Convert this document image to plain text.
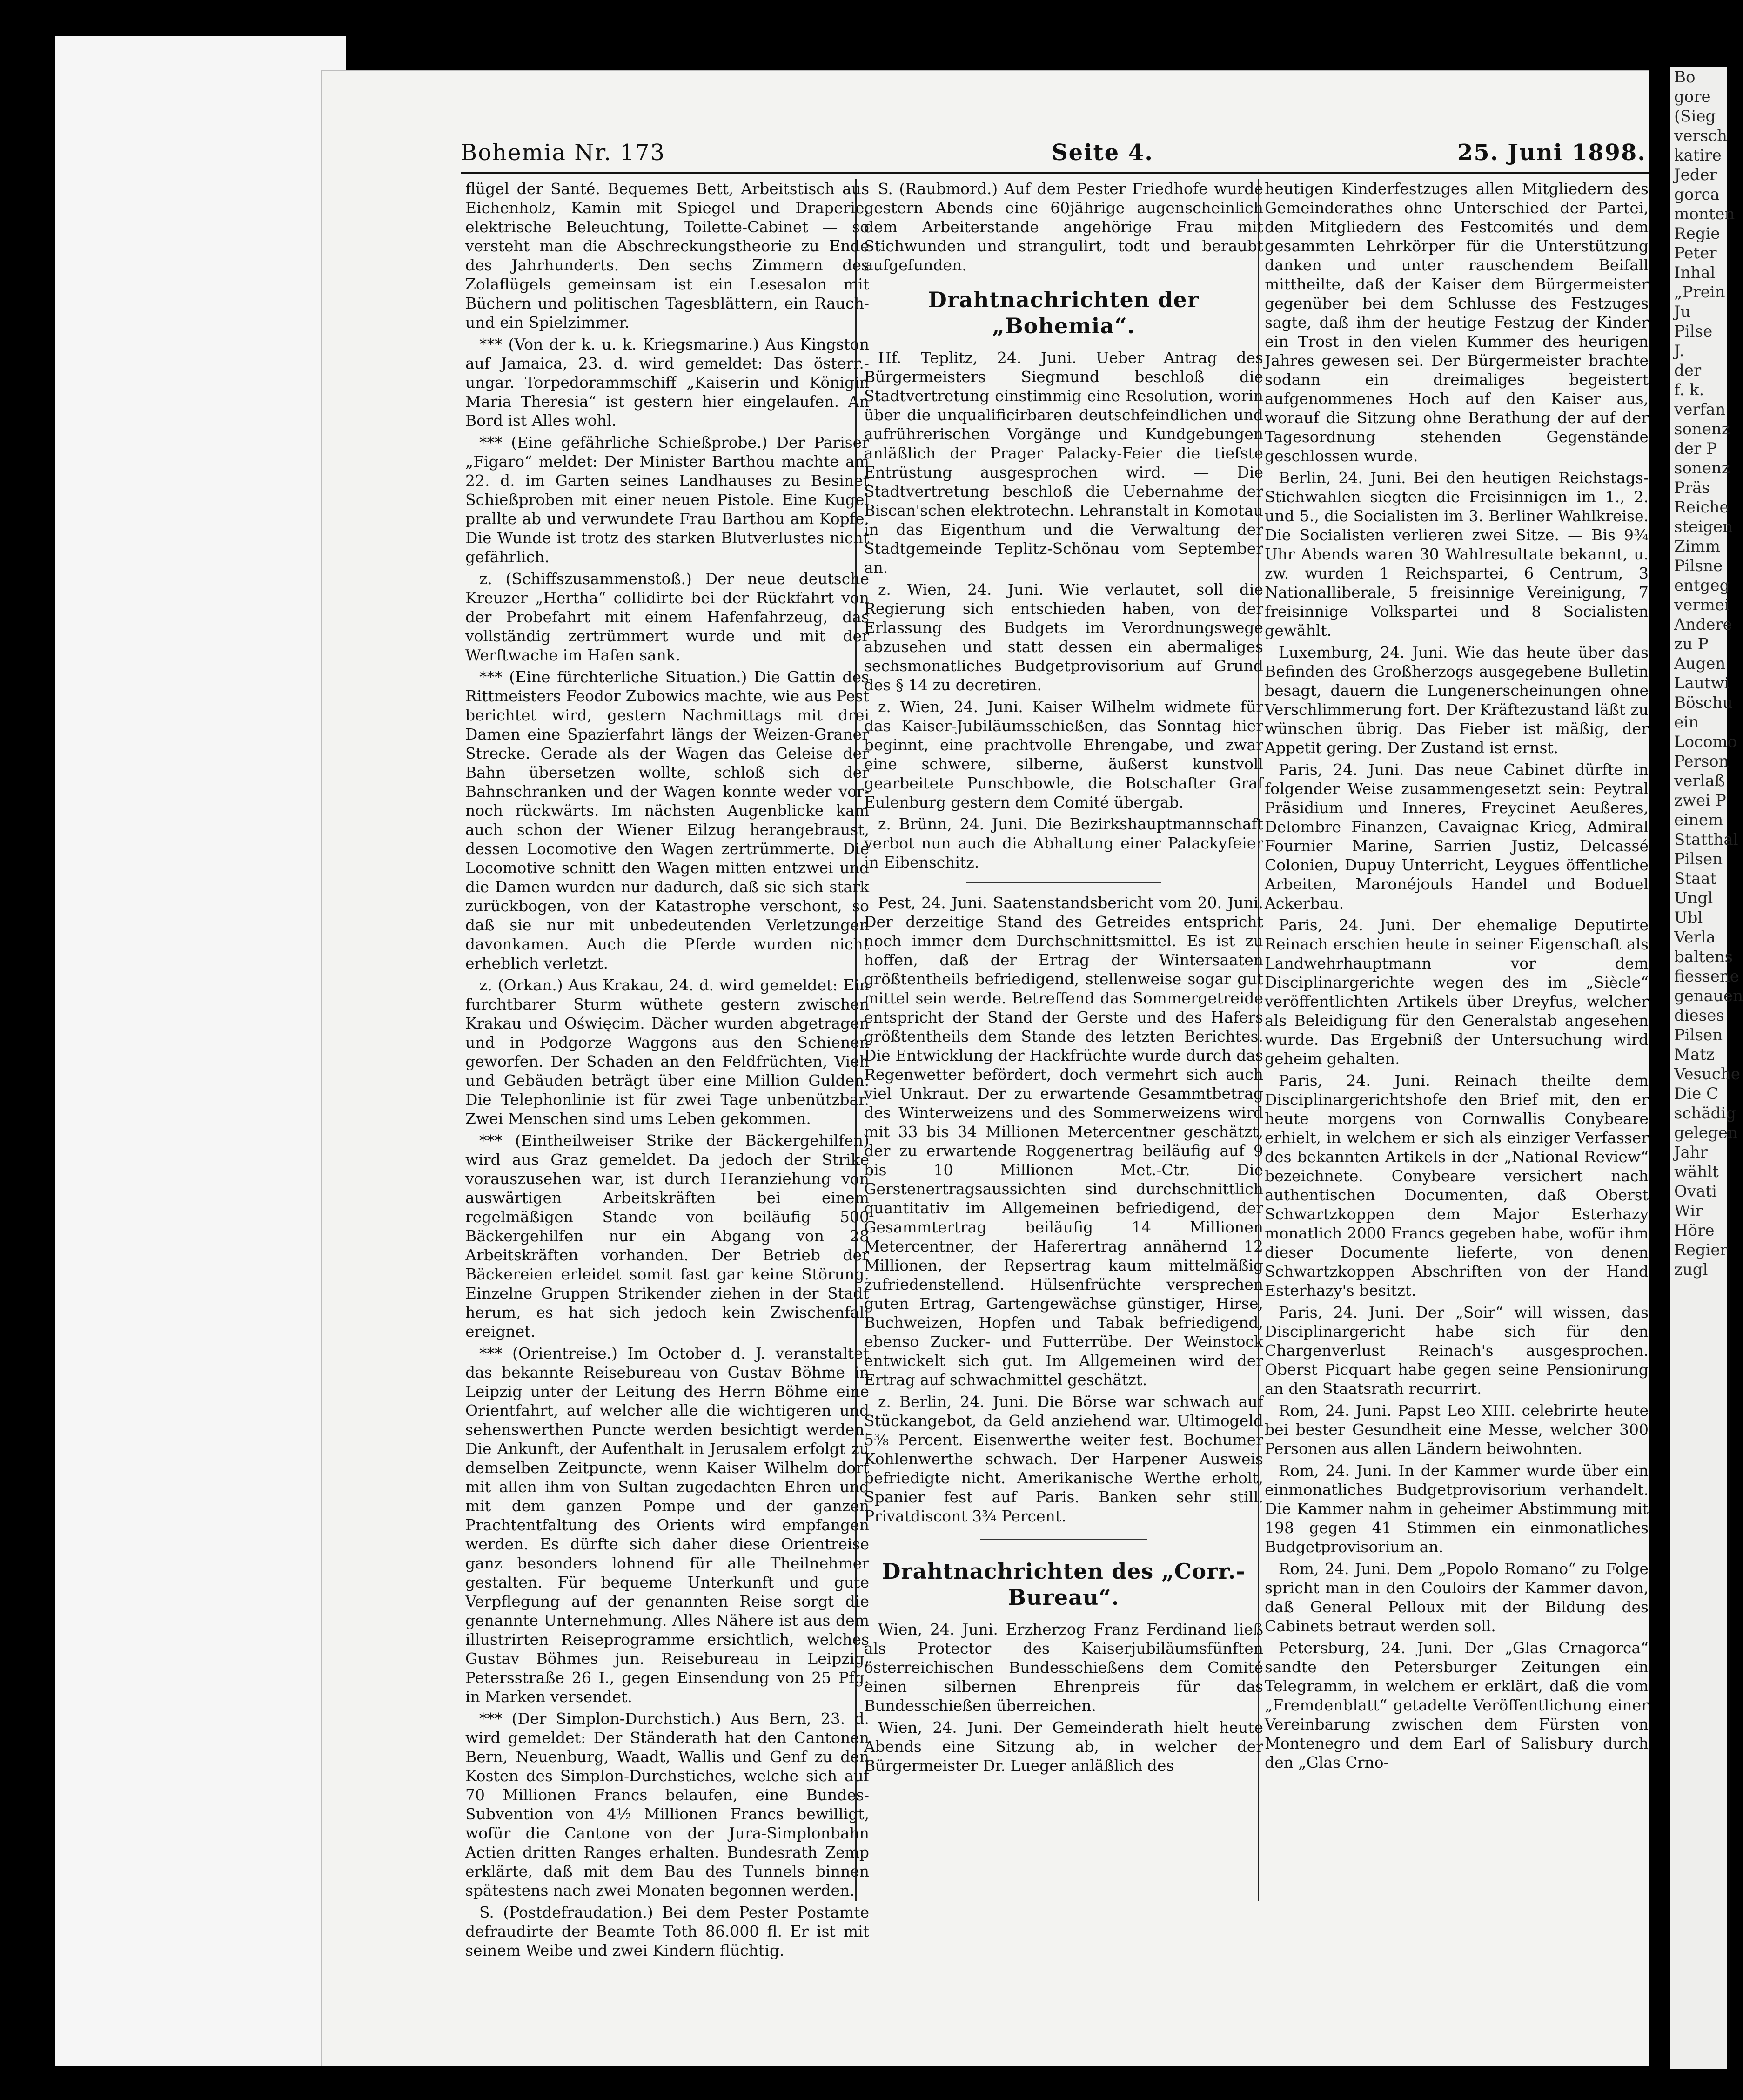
Bo
gore
(Sieg
versch
katire
Jeder
gorca
monten
Regie
Peter
Inhal
„Prein
Ju
Pilse
J.
der
f. k.
verfan
sonenz
der P
sonenz
Präs
Reiche
steigen
Zimm
Pilsne
entgeg
vermei
Andere
zu P
Augen
Lautwi
Böschu
ein
Locomo
Person
verlaß
zwei P
einem
Statthal
Pilsen
Staat
Ungl
Ubl
Verla
baltens
fiessene
genauen
dieses
Pilsen
Matz
Vesuche
Die C
schädig
gelegen
Jahr
wählt
Ovati
Wir
Höre
Regier
zugl
Bohemia Nr. 173	Seite 4.	25. Juni 1898.

flügel der Santé. Bequemes Bett, Arbeitstisch aus Eichenholz, Kamin mit Spiegel und Draperie, elektrische Beleuchtung, Toilette-Cabinet — so versteht man die Abschreckungstheorie zu Ende des Jahrhunderts. Den sechs Zimmern des Zolaflügels gemeinsam ist ein Lesesalon mit Büchern und politischen Tagesblättern, ein Rauch- und ein Spielzimmer.

*** (Von der k. u. k. Kriegsmarine.) Aus Kingston auf Jamaica, 23. d. wird gemeldet: Das österr.-ungar. Torpedorammschiff „Kaiserin und Königin Maria Theresia“ ist gestern hier eingelaufen. An Bord ist Alles wohl.

*** (Eine gefährliche Schießprobe.) Der Pariser „Figaro“ meldet: Der Minister Barthou machte am 22. d. im Garten seines Landhauses zu Besinet Schießproben mit einer neuen Pistole. Eine Kugel prallte ab und verwundete Frau Barthou am Kopfe. Die Wunde ist trotz des starken Blutverlustes nicht gefährlich.

z. (Schiffszusammenstoß.) Der neue deutsche Kreuzer „Hertha“ collidirte bei der Rückfahrt von der Probefahrt mit einem Hafenfahrzeug, das vollständig zertrümmert wurde und mit der Werftwache im Hafen sank.

*** (Eine fürchterliche Situation.) Die Gattin des Rittmeisters Feodor Zubowics machte, wie aus Pest berichtet wird, gestern Nachmittags mit drei Damen eine Spazierfahrt längs der Weizen-Graner Strecke. Gerade als der Wagen das Geleise der Bahn übersetzen wollte, schloß sich der Bahnschranken und der Wagen konnte weder vor- noch rückwärts. Im nächsten Augenblicke kam auch schon der Wiener Eilzug herangebraust, dessen Locomotive den Wagen zertrümmerte. Die Locomotive schnitt den Wagen mitten entzwei und die Damen wurden nur dadurch, daß sie sich stark zurückbogen, von der Katastrophe verschont, so daß sie nur mit unbedeutenden Verletzungen davonkamen. Auch die Pferde wurden nicht erheblich verletzt.

z. (Orkan.) Aus Krakau, 24. d. wird gemeldet: Ein furchtbarer Sturm wüthete gestern zwischen Krakau und Oświęcim. Dächer wurden abgetragen und in Podgorze Waggons aus den Schienen geworfen. Der Schaden an den Feldfrüchten, Vieh und Gebäuden beträgt über eine Million Gulden. Die Telephonlinie ist für zwei Tage unbenützbar. Zwei Menschen sind ums Leben gekommen.

*** (Eintheilweiser Strike der Bäckergehilfen) wird aus Graz gemeldet. Da jedoch der Strike vorauszusehen war, ist durch Heranziehung von auswärtigen Arbeitskräften bei einem regelmäßigen Stande von beiläufig 500 Bäckergehilfen nur ein Abgang von 28 Arbeitskräften vorhanden. Der Betrieb der Bäckereien erleidet somit fast gar keine Störung. Einzelne Gruppen Strikender ziehen in der Stadt herum, es hat sich jedoch kein Zwischenfall ereignet.

*** (Orientreise.) Im October d. J. veranstaltet das bekannte Reisebureau von Gustav Böhme in Leipzig unter der Leitung des Herrn Böhme eine Orientfahrt, auf welcher alle die wichtigeren und sehenswerthen Puncte werden besichtigt werden. Die Ankunft, der Aufenthalt in Jerusalem erfolgt zu demselben Zeitpuncte, wenn Kaiser Wilhelm dort mit allen ihm von Sultan zugedachten Ehren und mit dem ganzen Pompe und der ganzen Prachtentfaltung des Orients wird empfangen werden. Es dürfte sich daher diese Orientreise ganz besonders lohnend für alle Theilnehmer gestalten. Für bequeme Unterkunft und gute Verpflegung auf der genannten Reise sorgt die genannte Unternehmung. Alles Nähere ist aus dem illustrirten Reiseprogramme ersichtlich, welches Gustav Böhmes jun. Reisebureau in Leipzig, Petersstraße 26 I., gegen Einsendung von 25 Pfg. in Marken versendet.

*** (Der Simplon-Durchstich.) Aus Bern, 23. d. wird gemeldet: Der Ständerath hat den Cantonen Bern, Neuenburg, Waadt, Wallis und Genf zu den Kosten des Simplon-Durchstiches, welche sich auf 70 Millionen Francs belaufen, eine Bundes-Subvention von 4½ Millionen Francs bewilligt, wofür die Cantone von der Jura-Simplonbahn Actien dritten Ranges erhalten. Bundesrath Zemp erklärte, daß mit dem Bau des Tunnels binnen spätestens nach zwei Monaten begonnen werden.

S. (Postdefraudation.) Bei dem Pester Postamte defraudirte der Beamte Toth 86.000 fl. Er ist mit seinem Weibe und zwei Kindern flüchtig.

S. (Raubmord.) Auf dem Pester Friedhofe wurde gestern Abends eine 60jährige augenscheinlich dem Arbeiterstande angehörige Frau mit Stichwunden und strangulirt, todt und beraubt aufgefunden.

Drahtnachrichten der „Bohemia“.

Hf. Teplitz, 24. Juni. Ueber Antrag des Bürgermeisters Siegmund beschloß die Stadtvertretung einstimmig eine Resolution, worin über die unqualificirbaren deutschfeindlichen und aufrührerischen Vorgänge und Kundgebungen anläßlich der Prager Palacky-Feier die tiefste Entrüstung ausgesprochen wird. — Die Stadtvertretung beschloß die Uebernahme der Biscan'schen elektrotechn. Lehranstalt in Komotau in das Eigenthum und die Verwaltung der Stadtgemeinde Teplitz-Schönau vom September an.

z. Wien, 24. Juni. Wie verlautet, soll die Regierung sich entschieden haben, von der Erlassung des Budgets im Verordnungswege abzusehen und statt dessen ein abermaliges sechsmonatliches Budgetprovisorium auf Grund des § 14 zu decretiren.

z. Wien, 24. Juni. Kaiser Wilhelm widmete für das Kaiser-Jubiläumsschießen, das Sonntag hier beginnt, eine prachtvolle Ehrengabe, und zwar eine schwere, silberne, äußerst kunstvoll gearbeitete Punschbowle, die Botschafter Graf Eulenburg gestern dem Comité übergab.

z. Brünn, 24. Juni. Die Bezirkshauptmannschaft verbot nun auch die Abhaltung einer Palackyfeier in Eibenschitz.

Pest, 24. Juni. Saatenstandsbericht vom 20. Juni. Der derzeitige Stand des Getreides entspricht noch immer dem Durchschnittsmittel. Es ist zu hoffen, daß der Ertrag der Wintersaaten größtentheils befriedigend, stellenweise sogar gut mittel sein werde. Betreffend das Sommergetreide entspricht der Stand der Gerste und des Hafers größtentheils dem Stande des letzten Berichtes. Die Entwicklung der Hackfrüchte wurde durch das Regenwetter befördert, doch vermehrt sich auch viel Unkraut. Der zu erwartende Gesammtbetrag des Winterweizens und des Sommerweizens wird mit 33 bis 34 Millionen Metercentner geschätzt, der zu erwartende Roggenertrag beiläufig auf 9 bis 10 Millionen Met.-Ctr. Die Gerstenertragsaussichten sind durchschnittlich quantitativ im Allgemeinen befriedigend, der Gesammtertrag beiläufig 14 Millionen Metercentner, der Haferertrag annähernd 12 Millionen, der Repsertrag kaum mittelmäßig zufriedenstellend. Hülsenfrüchte versprechen guten Ertrag, Gartengewächse günstiger, Hirse, Buchweizen, Hopfen und Tabak befriedigend, ebenso Zucker- und Futterrübe. Der Weinstock entwickelt sich gut. Im Allgemeinen wird der Ertrag auf schwachmittel geschätzt.

z. Berlin, 24. Juni. Die Börse war schwach auf Stückangebot, da Geld anziehend war. Ultimogeld 5⅜ Percent. Eisenwerthe weiter fest. Bochumer Kohlenwerthe schwach. Der Harpener Ausweis befriedigte nicht. Amerikanische Werthe erholt, Spanier fest auf Paris. Banken sehr still. Privatdiscont 3¾ Percent.

Drahtnachrichten des „Corr.-Bureau“.

Wien, 24. Juni. Erzherzog Franz Ferdinand ließ als Protector des Kaiserjubiläumsfünften österreichischen Bundesschießens dem Comité einen silbernen Ehrenpreis für das Bundesschießen überreichen.

Wien, 24. Juni. Der Gemeinderath hielt heute Abends eine Sitzung ab, in welcher der Bürgermeister Dr. Lueger anläßlich des

heutigen Kinderfestzuges allen Mitgliedern des Gemeinderathes ohne Unterschied der Partei, den Mitgliedern des Festcomités und dem gesammten Lehrkörper für die Unterstützung danken und unter rauschendem Beifall mittheilte, daß der Kaiser dem Bürgermeister gegenüber bei dem Schlusse des Festzuges sagte, daß ihm der heutige Festzug der Kinder ein Trost in den vielen Kummer des heurigen Jahres gewesen sei. Der Bürgermeister brachte sodann ein dreimaliges begeistert aufgenommenes Hoch auf den Kaiser aus, worauf die Sitzung ohne Berathung der auf der Tagesordnung stehenden Gegenstände geschlossen wurde.

Berlin, 24. Juni. Bei den heutigen Reichstags-Stichwahlen siegten die Freisinnigen im 1., 2. und 5., die Socialisten im 3. Berliner Wahlkreise. Die Socialisten verlieren zwei Sitze. — Bis 9¾ Uhr Abends waren 30 Wahlresultate bekannt, u. zw. wurden 1 Reichspartei, 6 Centrum, 3 Nationalliberale, 5 freisinnige Vereinigung, 7 freisinnige Volkspartei und 8 Socialisten gewählt.

Luxemburg, 24. Juni. Wie das heute über das Befinden des Großherzogs ausgegebene Bulletin besagt, dauern die Lungenerscheinungen ohne Verschlimmerung fort. Der Kräftezustand läßt zu wünschen übrig. Das Fieber ist mäßig, der Appetit gering. Der Zustand ist ernst.

Paris, 24. Juni. Das neue Cabinet dürfte in folgender Weise zusammengesetzt sein: Peytral Präsidium und Inneres, Freycinet Aeußeres, Delombre Finanzen, Cavaignac Krieg, Admiral Fournier Marine, Sarrien Justiz, Delcassé Colonien, Dupuy Unterricht, Leygues öffentliche Arbeiten, Maronéjouls Handel und Boduel Ackerbau.

Paris, 24. Juni. Der ehemalige Deputirte Reinach erschien heute in seiner Eigenschaft als Landwehrhauptmann vor dem Disciplinargerichte wegen des im „Siècle“ veröffentlichten Artikels über Dreyfus, welcher als Beleidigung für den Generalstab angesehen wurde. Das Ergebniß der Untersuchung wird geheim gehalten.

Paris, 24. Juni. Reinach theilte dem Disciplinargerichtshofe den Brief mit, den er heute morgens von Cornwallis Conybeare erhielt, in welchem er sich als einziger Verfasser des bekannten Artikels in der „National Review“ bezeichnete. Conybeare versichert nach authentischen Documenten, daß Oberst Schwartzkoppen dem Major Esterhazy monatlich 2000 Francs gegeben habe, wofür ihm dieser Documente lieferte, von denen Schwartzkoppen Abschriften von der Hand Esterhazy's besitzt.

Paris, 24. Juni. Der „Soir“ will wissen, das Disciplinargericht habe sich für den Chargenverlust Reinach's ausgesprochen. Oberst Picquart habe gegen seine Pensionirung an den Staatsrath recurrirt.

Rom, 24. Juni. Papst Leo XIII. celebrirte heute bei bester Gesundheit eine Messe, welcher 300 Personen aus allen Ländern beiwohnten.

Rom, 24. Juni. In der Kammer wurde über ein einmonatliches Budgetprovisorium verhandelt. Die Kammer nahm in geheimer Abstimmung mit 198 gegen 41 Stimmen ein einmonatliches Budgetprovisorium an.

Rom, 24. Juni. Dem „Popolo Romano“ zu Folge spricht man in den Couloirs der Kammer davon, daß General Pelloux mit der Bildung des Cabinets betraut werden soll.

Petersburg, 24. Juni. Der „Glas Crnagorca“ sandte den Petersburger Zeitungen ein Telegramm, in welchem er erklärt, daß die vom „Fremdenblatt“ getadelte Veröffentlichung einer Vereinbarung zwischen dem Fürsten von Montenegro und dem Earl of Salisbury durch den „Glas Crno-
